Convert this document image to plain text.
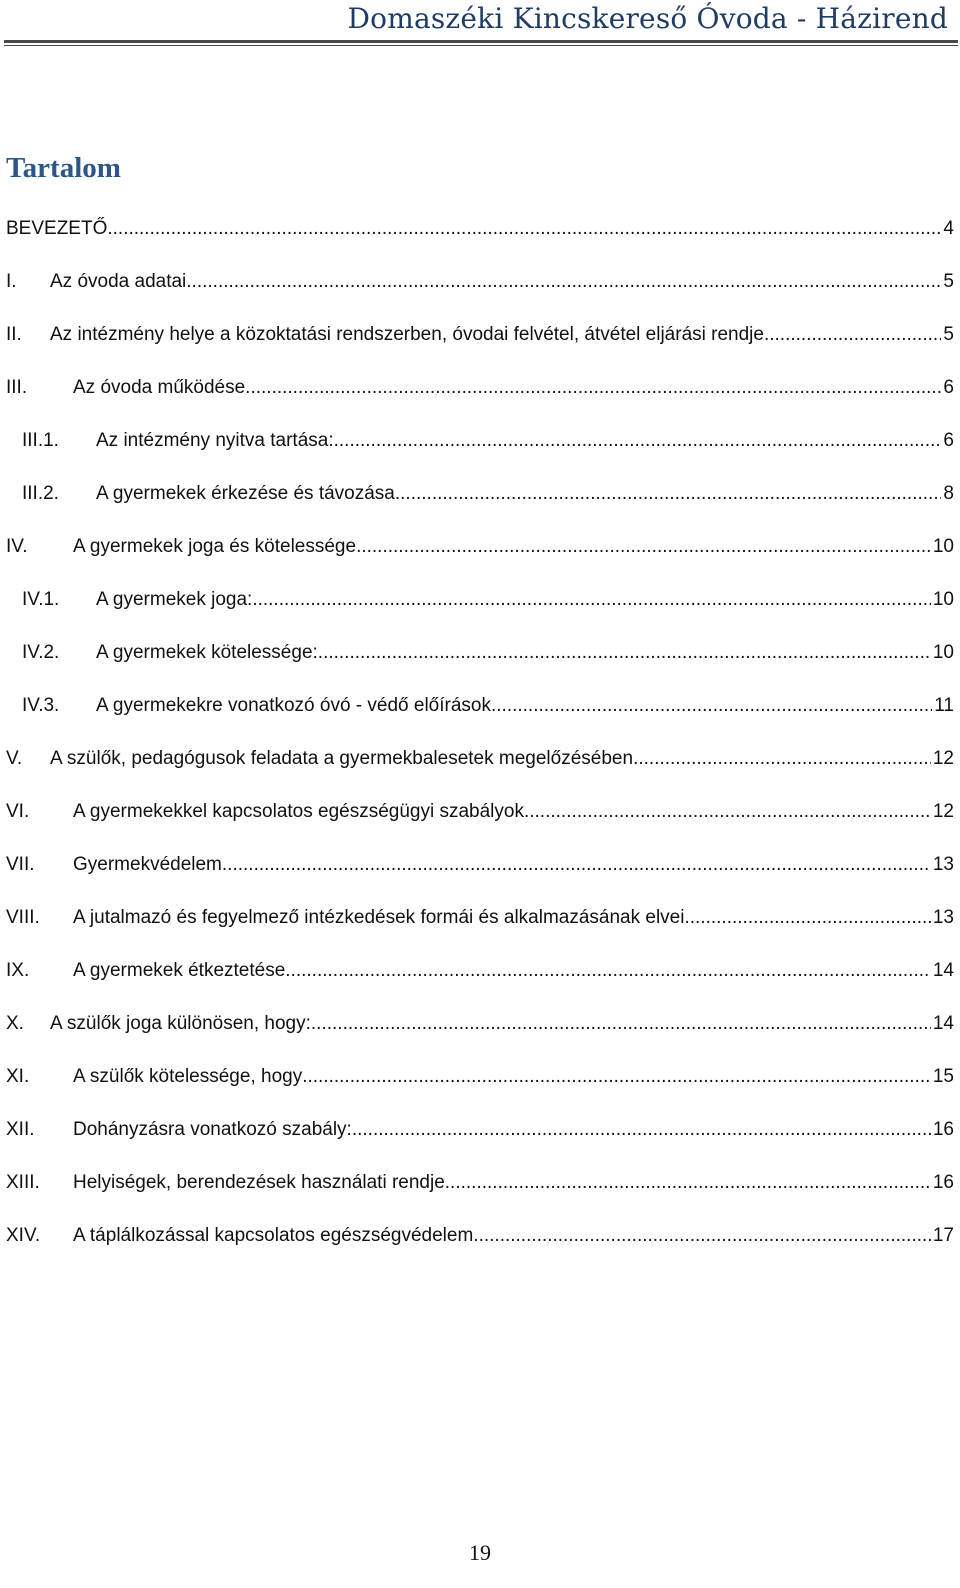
Domaszéki Kincskereső Óvoda - Házirend
Tartalom
BEVEZETŐ .....	4
I.	Az óvoda adatai .....	5
II.	Az intézmény helye a közoktatási rendszerben, óvodai felvétel, átvétel eljárási rendje .....	5
III.	Az óvoda működése .....	6
III.1.	Az intézmény nyitva tartása: .....	6
III.2.	A gyermekek érkezése és távozása .....	8
IV.	A gyermekek joga és kötelessége .....	10
IV.1.	A gyermekek joga: .....	10
IV.2.	A gyermekek kötelessége: .....	10
IV.3.	A gyermekekre vonatkozó óvó - védő előírások .....	11
V.	A szülők, pedagógusok feladata a gyermekbalesetek megelőzésében .....	12
VI.	A gyermekekkel kapcsolatos egészségügyi szabályok .....	12
VII.	Gyermekvédelem .....	13
VIII.	A jutalmazó és fegyelmező intézkedések formái és alkalmazásának elvei .....	13
IX.	A gyermekek étkeztetése .....	14
X.	A szülők joga különösen, hogy: .....	14
XI.	A szülők kötelessége, hogy .....	15
XII.	Dohányzásra vonatkozó szabály: .....	16
XIII.	Helyiségek, berendezések használati rendje .....	16
XIV.	A táplálkozással kapcsolatos egészségvédelem .....	17
19
